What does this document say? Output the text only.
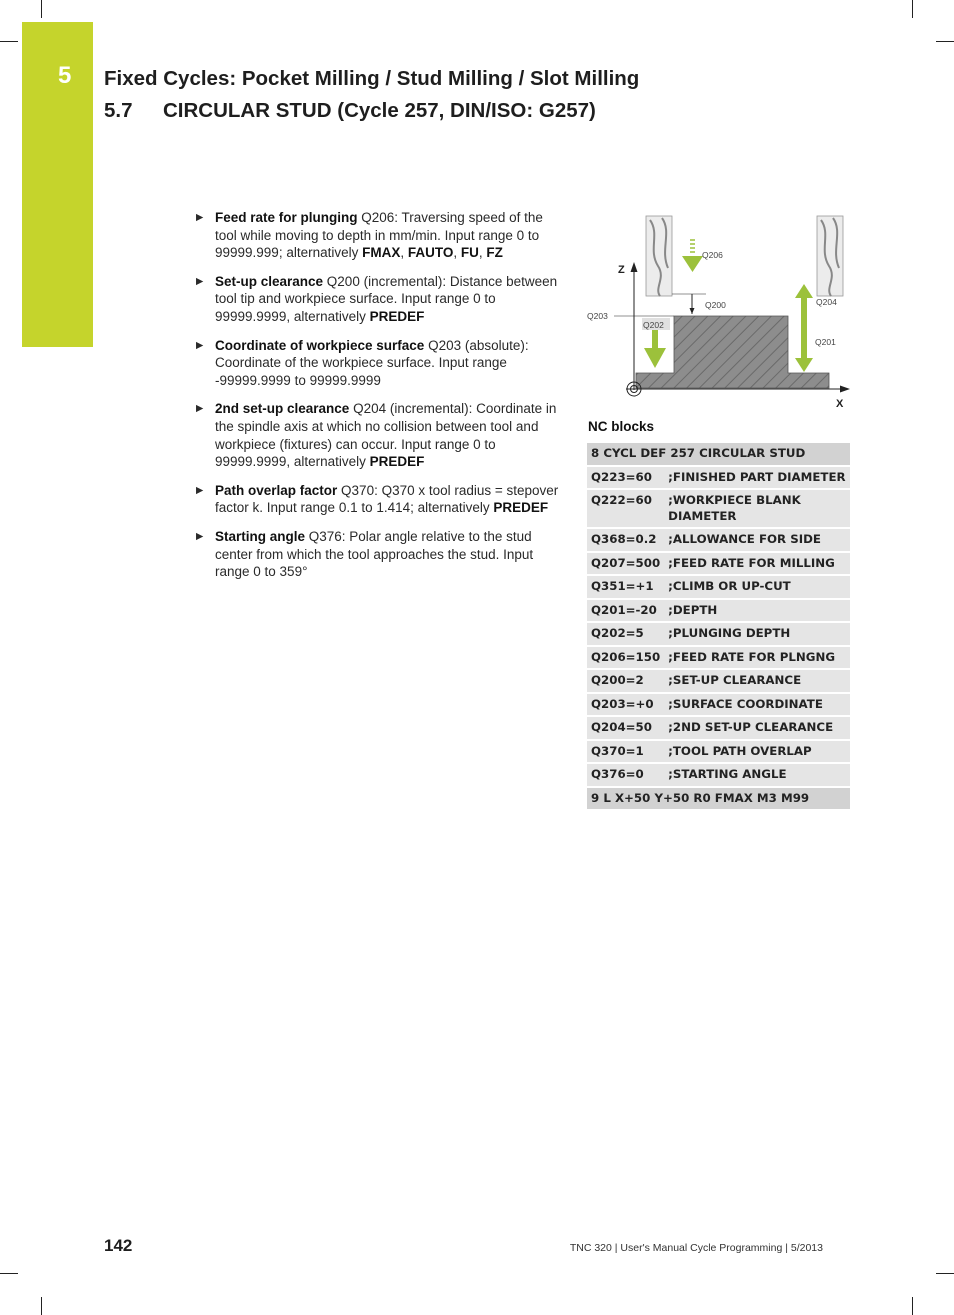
5 Fixed Cycles: Pocket Milling / Stud Milling / Slot Milling
5.7 CIRCULAR STUD (Cycle 257, DIN/ISO: G257)
▶ Feed rate for plunging Q206: Traversing speed of the tool while moving to depth in mm/min. Input range 0 to 99999.999; alternatively FMAX, FAUTO, FU, FZ
▶ Set-up clearance Q200 (incremental): Distance between tool tip and workpiece surface. Input range 0 to 99999.9999, alternatively PREDEF
▶ Coordinate of workpiece surface Q203 (absolute): Coordinate of the workpiece surface. Input range -99999.9999 to 99999.9999
▶ 2nd set-up clearance Q204 (incremental): Coordinate in the spindle axis at which no collision between tool and workpiece (fixtures) can occur. Input range 0 to 99999.9999, alternatively PREDEF
▶ Path overlap factor Q370: Q370 x tool radius = stepover factor k. Input range 0.1 to 1.414; alternatively PREDEF
▶ Starting angle Q376: Polar angle relative to the stud center from which the tool approaches the stud. Input range 0 to 359°
Z
X
Q206
Q200	Q204
Q201
Q203
Q202
NC blocks
8 CYCL DEF 257 CIRCULAR STUD	
Q223=60	;FINISHED PART DIAMETER
Q222=60	;WORKPIECE BLANK DIAMETER
Q368=0.2	;ALLOWANCE FOR SIDE
Q207=500	;FEED RATE FOR MILLING
Q351=+1	;CLIMB OR UP-CUT
Q201=-20	;DEPTH
Q202=5	;PLUNGING DEPTH
Q206=150	;FEED RATE FOR PLNGNG
Q200=2	;SET-UP CLEARANCE
Q203=+0	;SURFACE COORDINATE
Q204=50	;2ND SET-UP CLEARANCE
Q370=1	;TOOL PATH OVERLAP
Q376=0	;STARTING ANGLE
9 L X+50 Y+50 R0 FMAX M3 M99	
142	TNC 320 | User's Manual Cycle Programming | 5/2013
